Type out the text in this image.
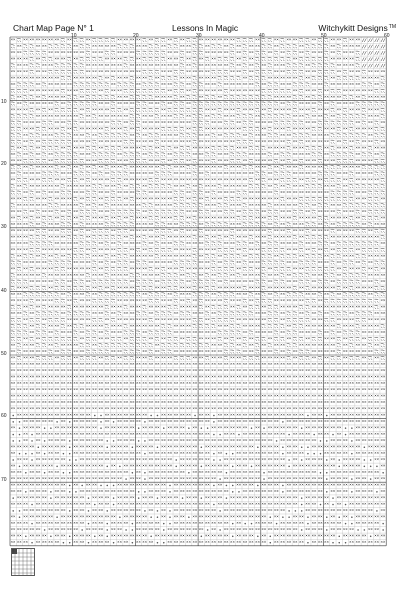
Chart Map Page N° 1	Lessons In Magic	Witchykitt Designs™
10	20	30	40	50	60
10
20
30
40
50
60
70
